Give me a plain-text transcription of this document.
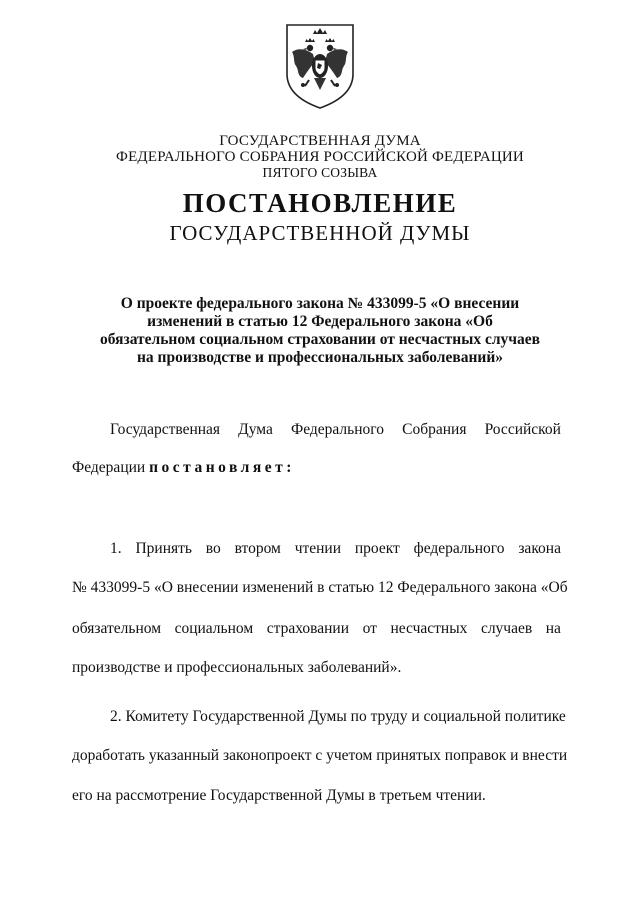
ГОСУДАРСТВЕННАЯ ДУМА
ФЕДЕРАЛЬНОГО СОБРАНИЯ РОССИЙСКОЙ ФЕДЕРАЦИИ
ПЯТОГО СОЗЫВА
ПОСТАНОВЛЕНИЕ
ГОСУДАРСТВЕННОЙ ДУМЫ
О проекте федерального закона № 433099-5 «О внесении
изменений в статью 12 Федерального закона «Об
обязательном социальном страховании от несчастных случаев
на производстве и профессиональных заболеваний»
Государственная Дума Федерального Собрания Российской
Федерации постановляет:
1. Принять во втором чтении проект федерального закона
№ 433099-5 «О внесении изменений в статью 12 Федерального закона «Об
обязательном социальном страховании от несчастных случаев на
производстве и профессиональных заболеваний».
2. Комитету Государственной Думы по труду и социальной политике
доработать указанный законопроект с учетом принятых поправок и внести
его на рассмотрение Государственной Думы в третьем чтении.
